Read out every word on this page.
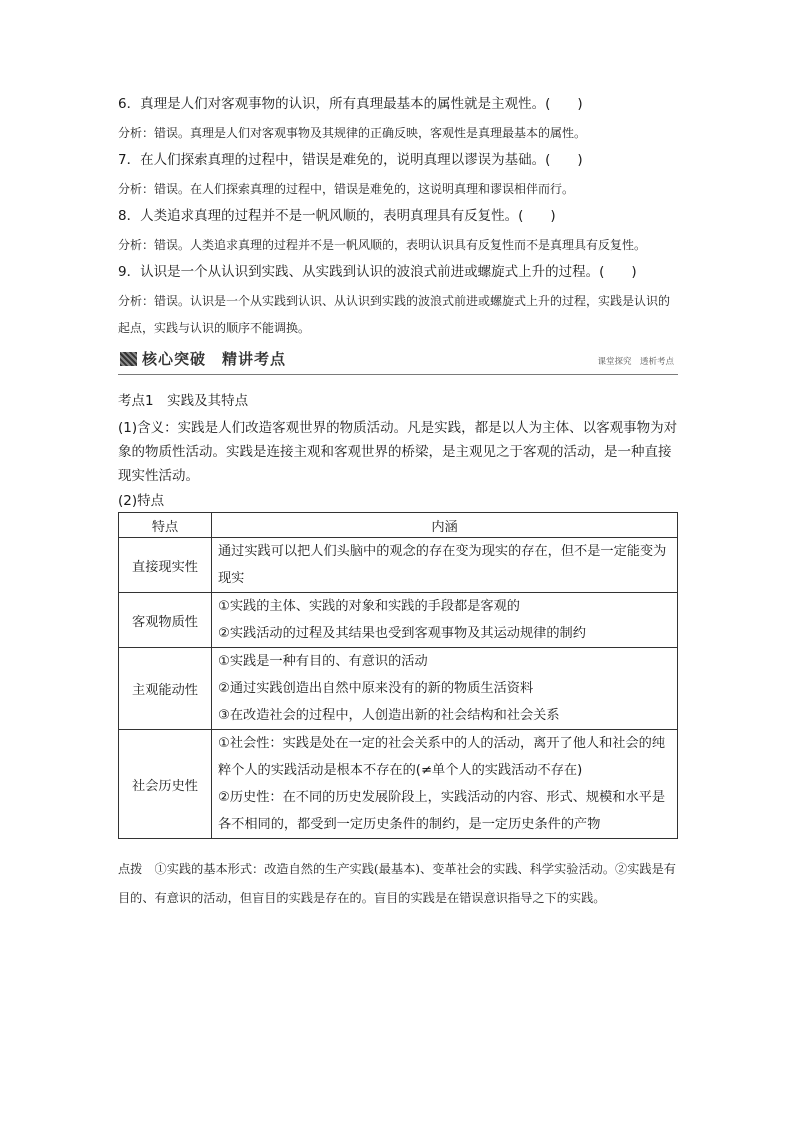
6．真理是人们对客观事物的认识，所有真理最基本的属性就是主观性。(　　)
分析：错误。真理是人们对客观事物及其规律的正确反映，客观性是真理最基本的属性。
7．在人们探索真理的过程中，错误是难免的，说明真理以谬误为基础。(　　)
分析：错误。在人们探索真理的过程中，错误是难免的，这说明真理和谬误相伴而行。
8．人类追求真理的过程并不是一帆风顺的，表明真理具有反复性。(　　)
分析：错误。人类追求真理的过程并不是一帆风顺的，表明认识具有反复性而不是真理具有反复性。
9．认识是一个从认识到实践、从实践到认识的波浪式前进或螺旋式上升的过程。(　　)
分析：错误。认识是一个从实践到认识、从认识到实践的波浪式前进或螺旋式上升的过程，实践是认识的起点，实践与认识的顺序不能调换。
核心突破　精讲考点	课堂探究　透析考点
考点1　实践及其特点
(1)含义：实践是人们改造客观世界的物质活动。凡是实践，都是以人为主体、以客观事物为对象的物质性活动。实践是连接主观和客观世界的桥梁，是主观见之于客观的活动，是一种直接现实性活动。
(2)特点
特点	内涵
直接现实性	通过实践可以把人们头脑中的观念的存在变为现实的存在，但不是一定能变为现实

客观物质性	①实践的主体、实践的对象和实践的手段都是客观的
②实践活动的过程及其结果也受到客观事物及其运动规律的制约

主观能动性	①实践是一种有目的、有意识的活动
②通过实践创造出自然中原来没有的新的物质生活资料
③在改造社会的过程中，人创造出新的社会结构和社会关系

社会历史性	①社会性：实践是处在一定的社会关系中的人的活动，离开了他人和社会的纯粹个人的实践活动是根本不存在的(≠单个人的实践活动不存在)
②历史性：在不同的历史发展阶段上，实践活动的内容、形式、规模和水平是各不相同的，都受到一定历史条件的制约，是一定历史条件的产物
点拨　①实践的基本形式：改造自然的生产实践(最基本)、变革社会的实践、科学实验活动。②实践是有目的、有意识的活动，但盲目的实践是存在的。盲目的实践是在错误意识指导之下的实践。
